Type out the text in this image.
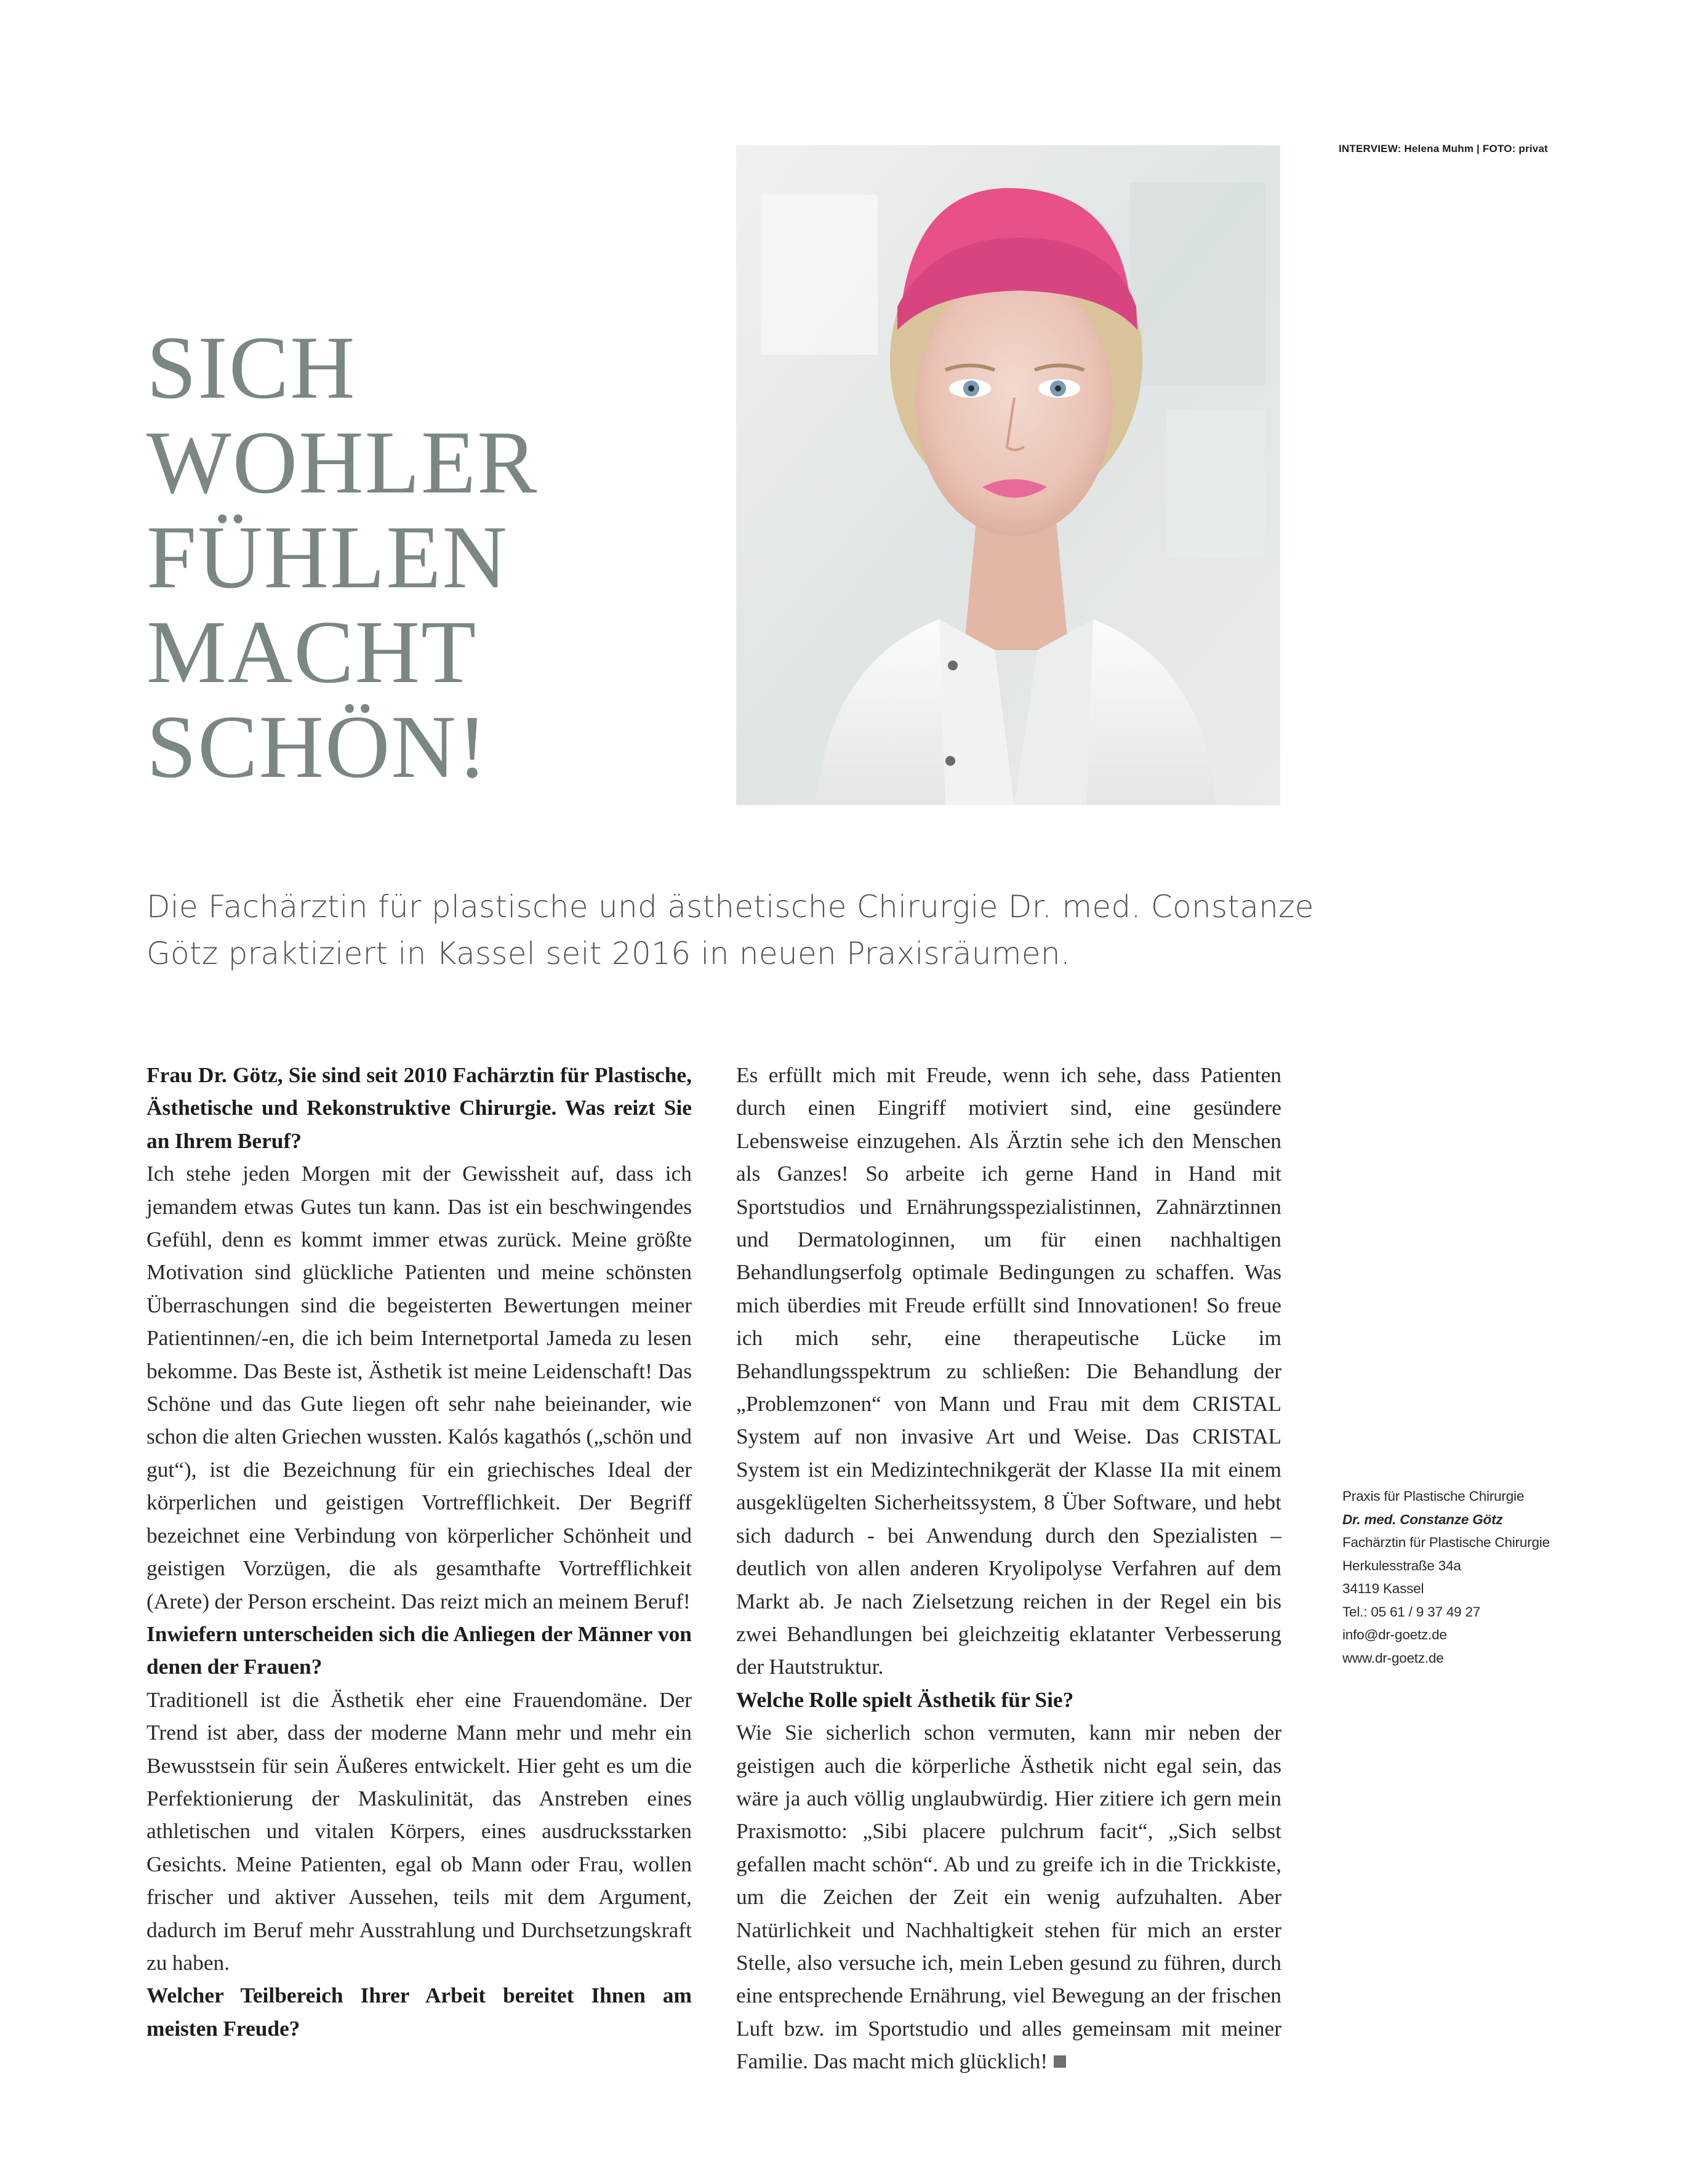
INTERVIEW: Helena Muhm | FOTO: privat
SICH
WOHLER
FÜHLEN
MACHT
SCHÖN!
Die Fachärztin für plastische und ästhetische Chirurgie Dr. med. Constanze Götz praktiziert in Kassel seit 2016 in neuen Praxisräumen.

Frau Dr. Götz, Sie sind seit 2010 Fachärztin für Plastische, Ästhetische und Rekonstruktive Chirurgie. Was reizt Sie an Ihrem Beruf?

Ich stehe jeden Morgen mit der Gewissheit auf, dass ich jemandem etwas Gutes tun kann. Das ist ein beschwingendes Gefühl, denn es kommt immer etwas zurück. Meine größte Motivation sind glückliche Patienten und meine schönsten Überraschungen sind die begeisterten Bewertungen meiner Patientinnen/-en, die ich beim Internetportal Jameda zu lesen bekomme. Das Beste ist, Ästhetik ist meine Leidenschaft! Das Schöne und das Gute liegen oft sehr nahe beieinander, wie schon die alten Griechen wussten. Kalós kagathós („schön und gut“), ist die Bezeichnung für ein griechisches Ideal der körperlichen und geistigen Vortrefflichkeit. Der Begriff bezeichnet eine Verbindung von körperlicher Schönheit und geistigen Vorzügen, die als gesamthafte Vortrefflichkeit (Arete) der Person erscheint. Das reizt mich an meinem Beruf!

Inwiefern unterscheiden sich die Anliegen der Männer von denen der Frauen?

Traditionell ist die Ästhetik eher eine Frauendomäne. Der Trend ist aber, dass der moderne Mann mehr und mehr ein Bewusstsein für sein Äußeres entwickelt. Hier geht es um die Perfektionierung der Maskulinität, das Anstreben eines athletischen und vitalen Körpers, eines ausdrucksstarken Gesichts. Meine Patienten, egal ob Mann oder Frau, wollen frischer und aktiver Aussehen, teils mit dem Argument, dadurch im Beruf mehr Ausstrahlung und Durchsetzungskraft zu haben.

Welcher Teilbereich Ihrer Arbeit bereitet Ihnen am meisten Freude?

Es erfüllt mich mit Freude, wenn ich sehe, dass Patienten durch einen Eingriff motiviert sind, eine gesündere Lebensweise einzugehen. Als Ärztin sehe ich den Menschen als Ganzes! So arbeite ich gerne Hand in Hand mit Sportstudios und Ernährungsspezialistinnen, Zahnärztinnen und Dermatologinnen, um für einen nachhaltigen Behandlungserfolg optimale Bedingungen zu schaffen. Was mich überdies mit Freude erfüllt sind Innovationen! So freue ich mich sehr, eine therapeutische Lücke im Behandlungsspektrum zu schließen: Die Behandlung der „Problemzonen“ von Mann und Frau mit dem CRISTAL System auf non invasive Art und Weise. Das CRISTAL System ist ein Medizintechnikgerät der Klasse IIa mit einem ausgeklügelten Sicherheitssystem, 8 Über Software, und hebt sich dadurch - bei Anwendung durch den Spezialisten – deutlich von allen anderen Kryolipolyse Verfahren auf dem Markt ab. Je nach Zielsetzung reichen in der Regel ein bis zwei Behandlungen bei gleichzeitig eklatanter Verbesserung der Hautstruktur.

Welche Rolle spielt Ästhetik für Sie?

Wie Sie sicherlich schon vermuten, kann mir neben der geistigen auch die körperliche Ästhetik nicht egal sein, das wäre ja auch völlig unglaubwürdig. Hier zitiere ich gern mein Praxismotto: „Sibi placere pulchrum facit“, „Sich selbst gefallen macht schön“. Ab und zu greife ich in die Trickkiste, um die Zeichen der Zeit ein wenig aufzuhalten. Aber Natürlichkeit und Nachhaltigkeit stehen für mich an erster Stelle, also versuche ich, mein Leben gesund zu führen, durch eine entsprechende Ernährung, viel Bewegung an der frischen Luft bzw. im Sportstudio und alles gemeinsam mit meiner Familie. Das macht mich glücklich!

Praxis für Plastische Chirurgie
Dr. med. Constanze Götz
Fachärztin für Plastische Chirurgie
Herkulesstraße 34a
34119 Kassel
Tel.: 05 61 / 9 37 49 27
info@dr-goetz.de
www.dr-goetz.de
